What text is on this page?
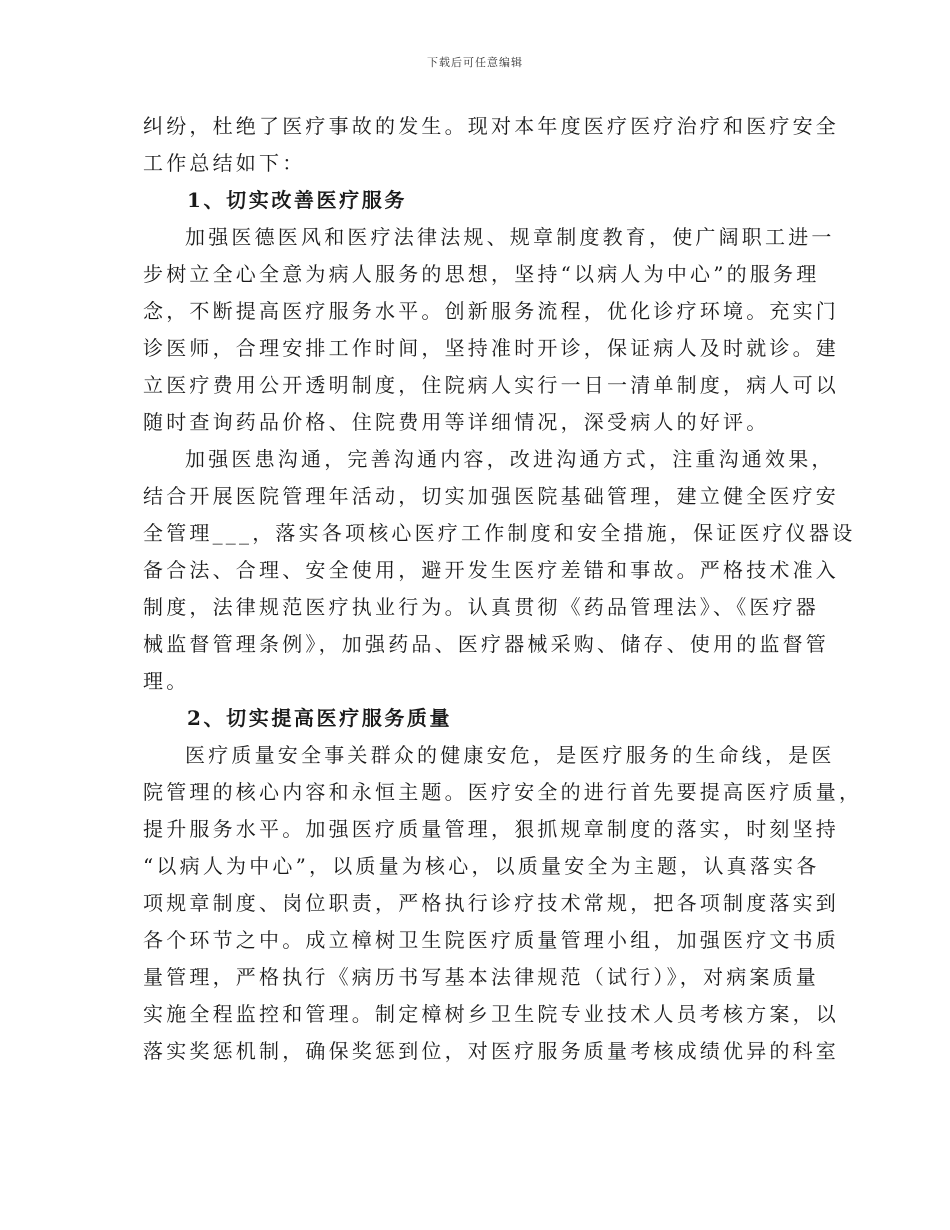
下载后可任意编辑
纠纷，杜绝了医疗事故的发生。现对本年度医疗医疗治疗和医疗安全
工作总结如下：
1、切实改善医疗服务
加强医德医风和医疗法律法规、规章制度教育，使广阔职工进一
步树立全心全意为病人服务的思想，坚持“以病人为中心”的服务理
念，不断提高医疗服务水平。创新服务流程，优化诊疗环境。充实门
诊医师，合理安排工作时间，坚持准时开诊，保证病人及时就诊。建
立医疗费用公开透明制度，住院病人实行一日一清单制度，病人可以
随时查询药品价格、住院费用等详细情况，深受病人的好评。
加强医患沟通，完善沟通内容，改进沟通方式，注重沟通效果，
结合开展医院管理年活动，切实加强医院基础管理，建立健全医疗安
全管理___，落实各项核心医疗工作制度和安全措施，保证医疗仪器设
备合法、合理、安全使用，避开发生医疗差错和事故。严格技术准入
制度，法律规范医疗执业行为。认真贯彻《药品管理法》、《医疗器
械监督管理条例》，加强药品、医疗器械采购、储存、使用的监督管
理。
2、切实提高医疗服务质量
医疗质量安全事关群众的健康安危，是医疗服务的生命线，是医
院管理的核心内容和永恒主题。医疗安全的进行首先要提高医疗质量，
提升服务水平。加强医疗质量管理，狠抓规章制度的落实，时刻坚持
“以病人为中心”，以质量为核心，以质量安全为主题，认真落实各
项规章制度、岗位职责，严格执行诊疗技术常规，把各项制度落实到
各个环节之中。成立樟树卫生院医疗质量管理小组，加强医疗文书质
量管理，严格执行《病历书写基本法律规范（试行）》，对病案质量
实施全程监控和管理。制定樟树乡卫生院专业技术人员考核方案，以
落实奖惩机制，确保奖惩到位，对医疗服务质量考核成绩优异的科室
